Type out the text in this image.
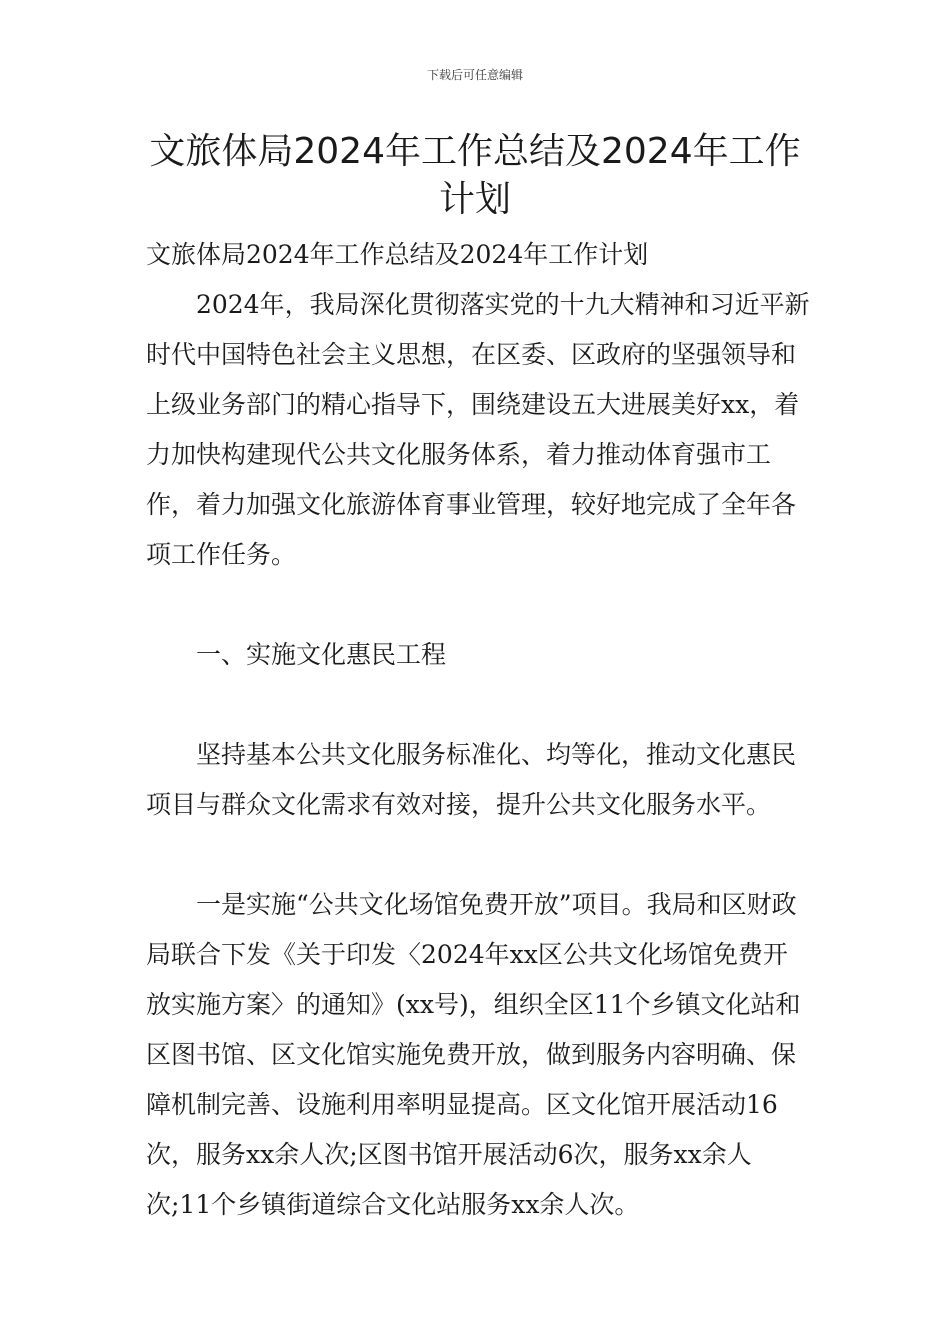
下载后可任意编辑
文旅体局2024年工作总结及2024年工作计划

文旅体局2024年工作总结及2024年工作计划

2024年，我局深化贯彻落实党的十九大精神和习近平新时代中国特色社会主义思想，在区委、区政府的坚强领导和上级业务部门的精心指导下，围绕建设五大进展美好xx，着力加快构建现代公共文化服务体系，着力推动体育强市工作，着力加强文化旅游体育事业管理，较好地完成了全年各项工作任务。

一、实施文化惠民工程

坚持基本公共文化服务标准化、均等化，推动文化惠民项目与群众文化需求有效对接，提升公共文化服务水平。

一是实施“公共文化场馆免费开放”项目。我局和区财政局联合下发《关于印发〈2024年xx区公共文化场馆免费开放实施方案〉的通知》(xx号)，组织全区11个乡镇文化站和区图书馆、区文化馆实施免费开放，做到服务内容明确、保障机制完善、设施利用率明显提高。区文化馆开展活动16次，服务xx余人次;区图书馆开展活动6次，服务xx余人次;11个乡镇街道综合文化站服务xx余人次。
